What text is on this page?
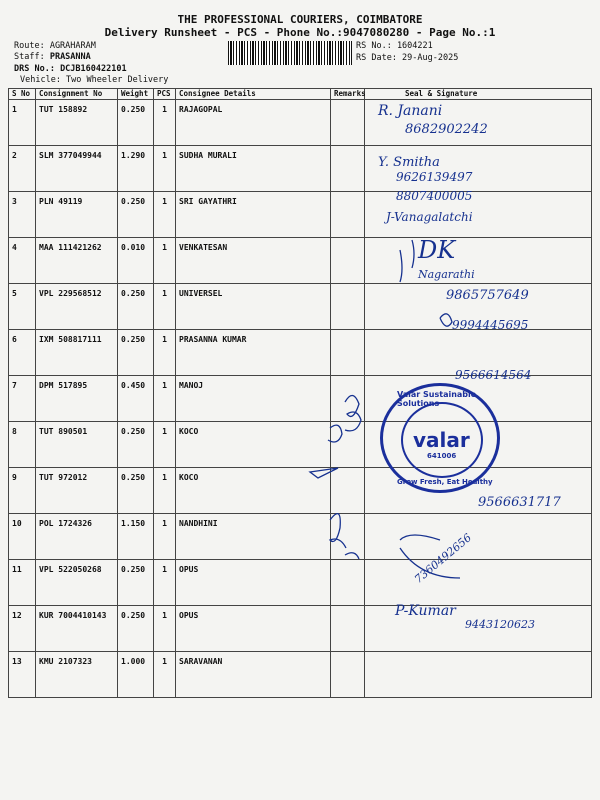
THE PROFESSIONAL COURIERS, COIMBATORE
Delivery Runsheet - PCS - Phone No.:9047080280 - Page No.:1
Route: AGRAHARAM
Staff: PRASANNA
DRS No.: DCJB160422101
Vehicle: Two Wheeler Delivery
RS No.: 1604221
RS Date: 29-Aug-2025
S No	Consignment No	Weight	PCS	Consignee Details	Remarks	Seal & Signature
1	TUT 158892	0.250	1	RAJAGOPAL		
2	SLM 377049944	1.290	1	SUDHA MURALI		
3	PLN 49119	0.250	1	SRI GAYATHRI		
4	MAA 111421262	0.010	1	VENKATESAN		
5	VPL 229568512	0.250	1	UNIVERSEL		
6	IXM 508817111	0.250	1	PRASANNA KUMAR		
7	DPM 517895	0.450	1	MANOJ		
8	TUT 890501	0.250	1	KOCO		
9	TUT 972012	0.250	1	KOCO		
10	POL 1724326	1.150	1	NANDHINI		
11	VPL 522050268	0.250	1	OPUS		
12	KUR 7004410143	0.250	1	OPUS		
13	KMU 2107323	1.000	1	SARAVANAN		
Valar Sustainable Solutions
valar
641006
Grow Fresh, Eat Healthy
R. Janani
8682902242
Y. Smitha
9626139497
8807400005
J-Vanagalatchi
DK
Nagarathi
9865757649
9994445695
9566614564
9566631717
7360492656
P-Kumar
9443120623
